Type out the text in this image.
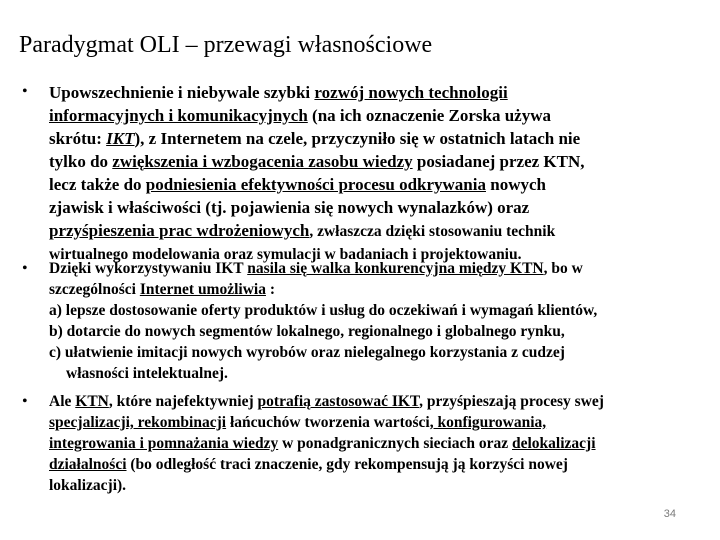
Paradygmat OLI – przewagi własnościowe
•	Upowszechnienie i niebywale szybki rozwój nowych technologii
informacyjnych i komunikacyjnych (na ich oznaczenie Zorska używa
skrótu: IKT), z Internetem na czele, przyczyniło się w ostatnich latach nie
tylko do zwiększenia i wzbogacenia zasobu wiedzy posiadanej przez KTN,
lecz także do podniesienia efektywności procesu odkrywania nowych
zjawisk i właściwości (tj. pojawienia się nowych wynalazków) oraz
przyśpieszenia prac wdrożeniowych, zwłaszcza dzięki stosowaniu technik
wirtualnego modelowania oraz symulacji w badaniach i projektowaniu.
•	Dzięki wykorzystywaniu IKT nasila się walka konkurencyjna między KTN, bo w
szczególności Internet umożliwia :
a) lepsze dostosowanie oferty produktów i usług do oczekiwań i wymagań klientów,
b) dotarcie do nowych segmentów lokalnego, regionalnego i globalnego rynku,
c) ułatwienie imitacji nowych wyrobów oraz nielegalnego korzystania z cudzej
własności intelektualnej.
•	Ale KTN, które najefektywniej potrafią zastosować IKT, przyśpieszają procesy swej
specjalizacji, rekombinacji łańcuchów tworzenia wartości, konfigurowania,
integrowania i pomnażania wiedzy w ponadgranicznych sieciach oraz delokalizacji
działalności (bo odległość traci znaczenie, gdy rekompensują ją korzyści nowej
lokalizacji).
34
